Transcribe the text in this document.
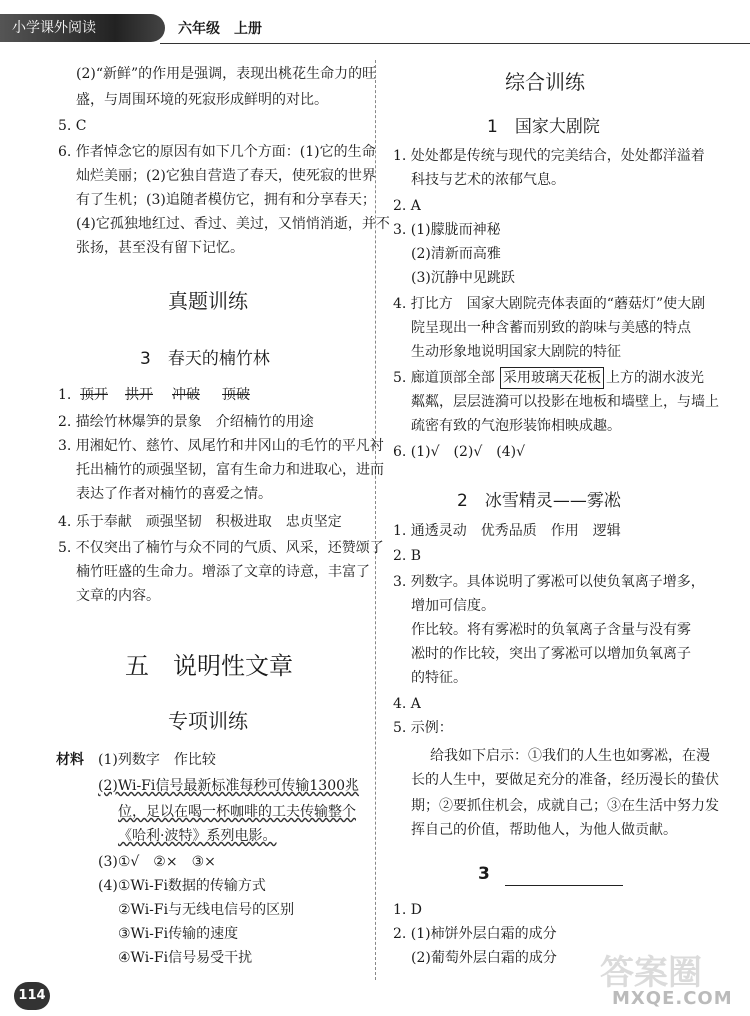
小学课外阅读	六年级　上册
(2)“新鲜”的作用是强调，表现出桃花生命力的旺
盛，与周围环境的死寂形成鲜明的对比。
5. C
6. 作者悼念它的原因有如下几个方面：(1)它的生命
灿烂美丽；(2)它独自营造了春天，使死寂的世界
有了生机；(3)追随者模仿它，拥有和分享春天；
(4)它孤独地红过、香过、美过，又悄悄消逝，并不
张扬，甚至没有留下记忆。
真题训练
3　春天的楠竹林
1. 顶开 拱开 冲破 顶破
2. 描绘竹林爆笋的景象　介绍楠竹的用途
3. 用湘妃竹、慈竹、凤尾竹和井冈山的毛竹的平凡衬
托出楠竹的顽强坚韧，富有生命力和进取心，进而
表达了作者对楠竹的喜爱之情。
4. 乐于奉献　顽强坚韧　积极进取　忠贞坚定
5. 不仅突出了楠竹与众不同的气质、风采，还赞颂了
楠竹旺盛的生命力。增添了文章的诗意，丰富了
文章的内容。
五　说明性文章
专项训练
材料 (1)列数字　作比较
(2)Wi-Fi信号最新标准每秒可传输1300兆
位，足以在喝一杯咖啡的工夫传输整个
《哈利·波特》系列电影。
(3)①√　②×　③×
(4)①Wi-Fi数据的传输方式
②Wi-Fi与无线电信号的区别
③Wi-Fi传输的速度
④Wi-Fi信号易受干扰
综合训练
1　国家大剧院
1. 处处都是传统与现代的完美结合，处处都洋溢着
科技与艺术的浓郁气息。
2. A
3. (1)朦胧而神秘
(2)清新而高雅
(3)沉静中见跳跃
4. 打比方　国家大剧院壳体表面的“蘑菇灯”使大剧
院呈现出一种含蓄而别致的韵味与美感的特点
生动形象地说明国家大剧院的特征
5. 廊道顶部全部 采用玻璃天花板 上方的湖水波光
粼粼，层层涟漪可以投影在地板和墙壁上，与墙上
疏密有致的气泡形装饰相映成趣。
6. (1)√　(2)√　(4)√
2　冰雪精灵——雾凇
1. 通透灵动　优秀品质　作用　逻辑
2. B
3. 列数字。具体说明了雾凇可以使负氧离子增多，
增加可信度。
作比较。将有雾凇时的负氧离子含量与没有雾
凇时的作比较，突出了雾凇可以增加负氧离子
的特征。
4. A
5. 示例：
给我如下启示：①我们的人生也如雾凇，在漫
长的人生中，要做足充分的准备，经历漫长的蛰伏
期；②要抓住机会，成就自己；③在生活中努力发
挥自己的价值，帮助他人，为他人做贡献。
3
1. D
2. (1)柿饼外层白霜的成分
(2)葡萄外层白霜的成分
114
答案圈
MXQE.COM
